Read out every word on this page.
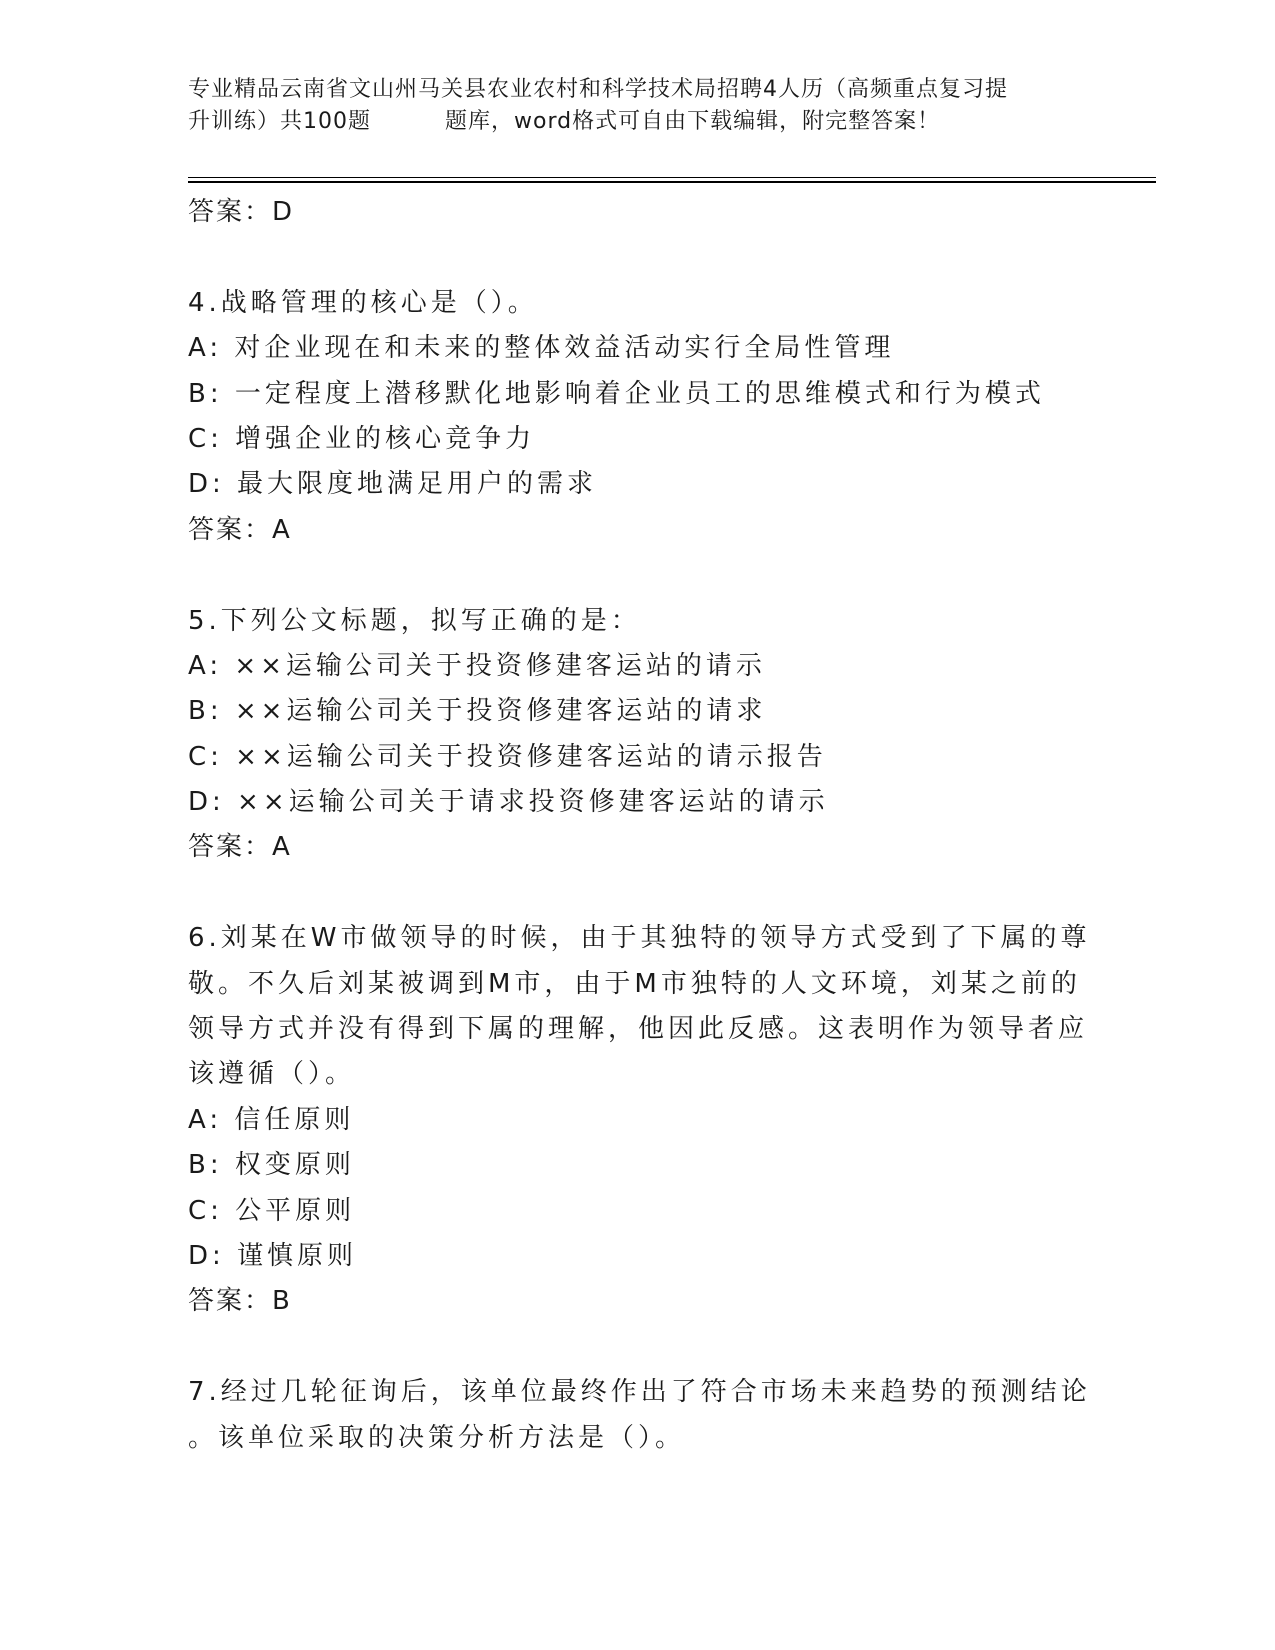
专业精品云南省文山州马关县农业农村和科学技术局招聘4人历（高频重点复习提
升训练）共100题	题库，word格式可自由下载编辑，附完整答案！
答案：D
4.战略管理的核心是（）。
A: 对企业现在和未来的整体效益活动实行全局性管理
B: 一定程度上潜移默化地影响着企业员工的思维模式和行为模式
C: 增强企业的核心竞争力
D: 最大限度地满足用户的需求
答案：A
5.下列公文标题，拟写正确的是：
A: ××运输公司关于投资修建客运站的请示
B: ××运输公司关于投资修建客运站的请求
C: ××运输公司关于投资修建客运站的请示报告
D: ××运输公司关于请求投资修建客运站的请示
答案：A
6.刘某在W市做领导的时候，由于其独特的领导方式受到了下属的尊
敬。不久后刘某被调到M市，由于M市独特的人文环境，刘某之前的
领导方式并没有得到下属的理解，他因此反感。这表明作为领导者应
该遵循（）。
A: 信任原则
B: 权变原则
C: 公平原则
D: 谨慎原则
答案：B
7.经过几轮征询后，该单位最终作出了符合市场未来趋势的预测结论
。该单位采取的决策分析方法是（）。
